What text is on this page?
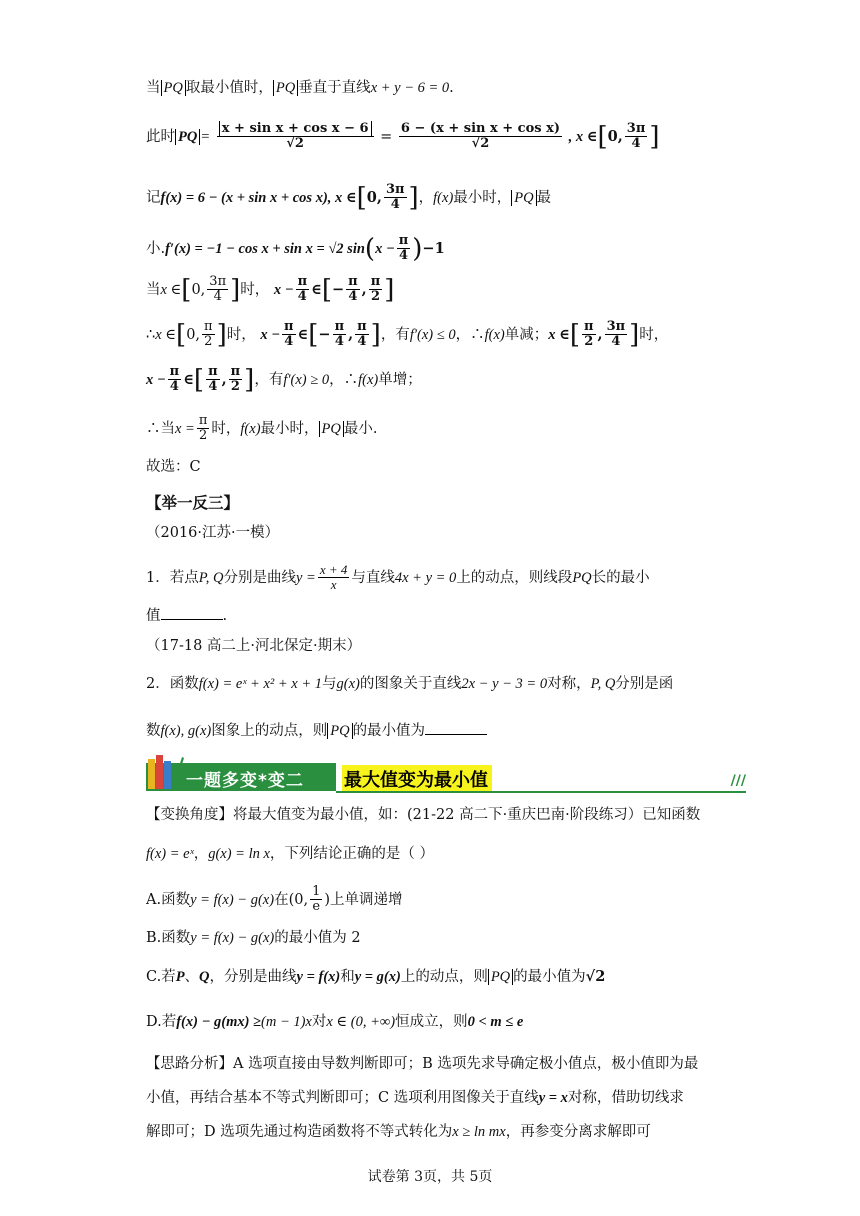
当 PQ 取最小值时， PQ 垂直于直线x + y − 6 = 0.
此时 PQ = $\frac{\text{x + sin x + cos x − 6}}{√2} = \frac{\text{6 − (x + sin x + cos x)}}{√2}$ , x ∈[0, $\frac{3\pi}{4}$ ]
记f(x) = 6 − (x + sin x + cos x), x ∈[0, $\frac{3\pi}{4}$ ]，f(x)最小时， PQ 最
小.f′(x) = −1 − cos x + sin x = √2 $\sin(x - \frac{\pi}{4} )-1$
当x ∈[0, $\frac{3\pi}{4}$ ]时， $x - \frac{\pi}{4}$ ∈[− $\frac{\pi}{4}$ , $\frac{\pi}{2}$ ]
∴x ∈[0, $\frac{\pi}{2}$ ]时， $x - \frac{\pi}{4}$ ∈[− $\frac{\pi}{4}$ , $\frac{\pi}{4}$ ]，有f′(x) ≤ 0，∴f(x)单减；x ∈[ $\frac{\pi}{2}$ , $\frac{3\pi}{4}$ ]时，
$x - \frac{\pi}{4}$ ∈[ $\frac{\pi}{4}$ , $\frac{\pi}{2}$ ]，有f′(x) ≥ 0，∴f(x)单增；
∴当$x = \frac{\pi}{2}$ 时，f(x)最小时， PQ 最小.
故选：C
【举一反三】
（2016·江苏·一模）
1．若点P, Q分别是曲线$y = \frac{x + 4}{x}$ 与直线4x + y = 0上的动点，则线段PQ长的最小
值	.
（17-18 高二上·河北保定·期末）
2．函数f(x) = eˣ + x² + x + 1与g(x)的图象关于直线2x − y − 3 = 0对称，P, Q分别是函
数f(x), g(x)图象上的动点，则 PQ 的最小值为
一题多变*变二 最大值变为最小值	///
【变换角度】将最大值变为最小值，如：(21-22 高二下·重庆巴南·阶段练习）已知函数
f(x) = eˣ，g(x) = ln x，下列结论正确的是（ ）
A.函数y = f(x) − g(x)在(0, $\frac{1}{e}$ )上单调递增
B.函数y = f(x) − g(x)的最小值为 2
C.若P、Q，分别是曲线y = f(x)和y = g(x)上的动点，则 PQ 的最小值为√2
D.若f(x) − g(mx) ≥(m − 1)x对x ∈ (0, +∞)恒成立，则0 < m ≤ e
【思路分析】A 选项直接由导数判断即可；B 选项先求导确定极小值点，极小值即为最
小值，再结合基本不等式判断即可；C 选项利用图像关于直线y = x对称，借助切线求
解即可；D 选项先通过构造函数将不等式转化为x ≥ ln mx，再参变分离求解即可
试卷第 3页，共 5页
